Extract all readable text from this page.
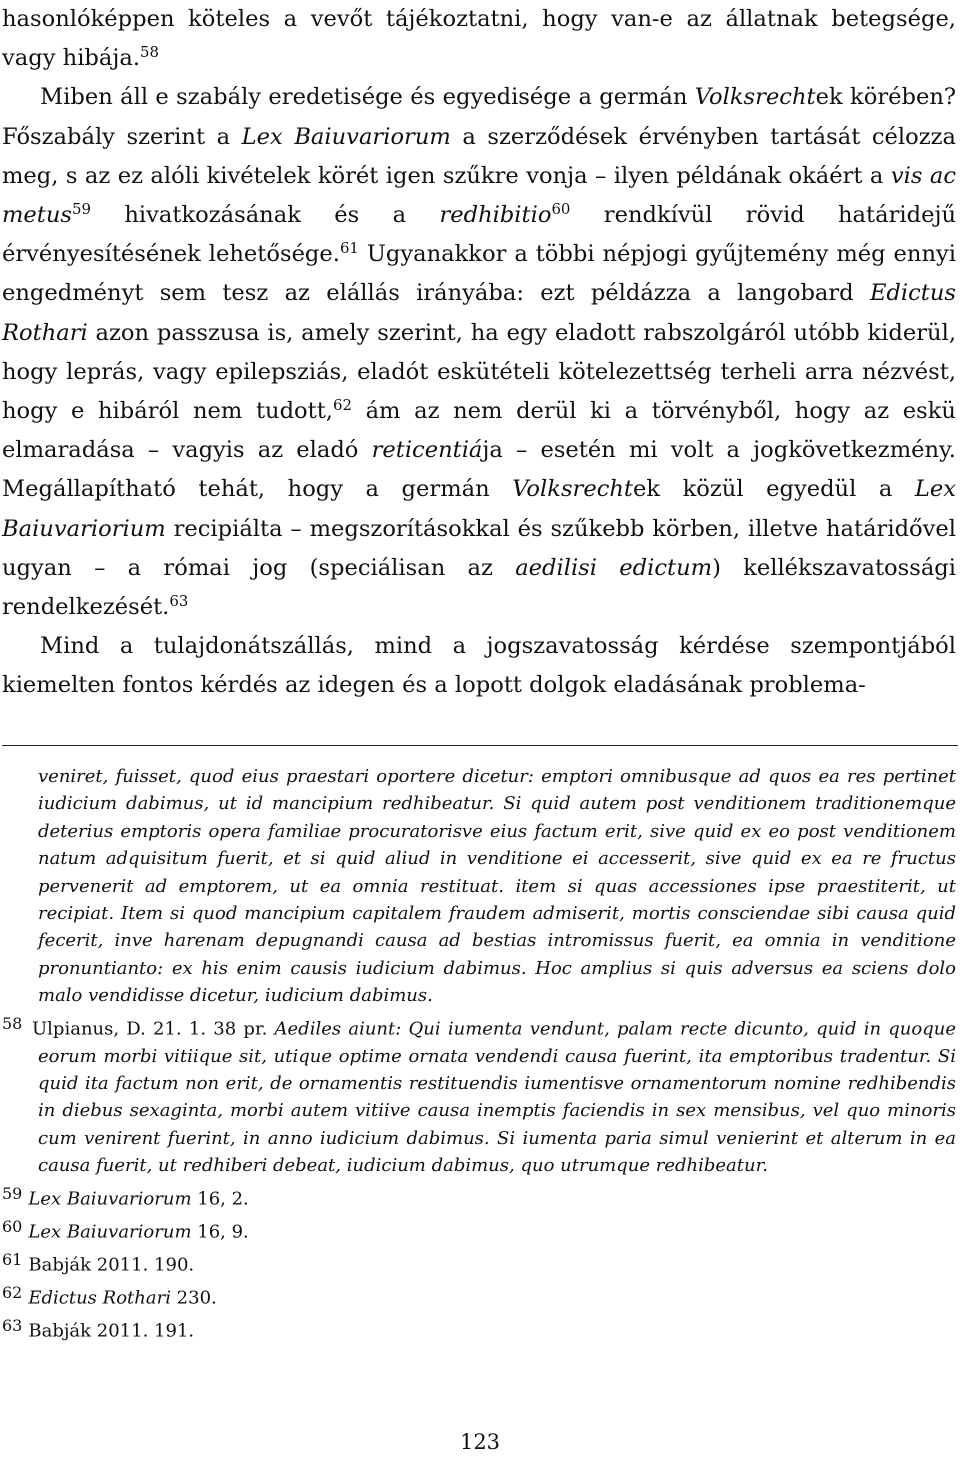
hasonlóképpen köteles a vevőt tájékoztatni, hogy van-e az állatnak betegsége, vagy hibája.$^{58}$

Miben áll e szabály eredetisége és egyedisége a germán Volksrechtek körében? Főszabály szerint a Lex Baiuvariorum a szerződések érvényben tartását célozza meg, s az ez alóli kivételek körét igen szűkre vonja – ilyen példának okáért a vis ac metus$^{59}$ hivatkozásának és a redhibitio$^{60}$ rendkívül rövid határidejű érvényesítésének lehetősége.$^{61}$ Ugyanakkor a többi népjogi gyűjtemény még ennyi engedményt sem tesz az elállás irányába: ezt példázza a langobard Edictus Rothari azon passzusa is, amely szerint, ha egy eladott rabszolgáról utóbb kiderül, hogy leprás, vagy epilepsziás, eladót eskütételi kötelezettség terheli arra nézvést, hogy e hibáról nem tudott,$^{62}$ ám az nem derül ki a törvényből, hogy az eskü elmaradása – vagyis az eladó reticentiája – esetén mi volt a jogkövetkezmény. Megállapítható tehát, hogy a germán Volksrechtek közül egyedül a Lex Baiuvariorium recipiálta – megszorításokkal és szűkebb körben, illetve határidővel ugyan – a római jog (speciálisan az aedilisi edictum) kellékszavatossági rendelkezését.$^{63}$

Mind a tulajdonátszállás, mind a jogszavatosság kérdése szempontjából kiemelten fontos kérdés az idegen és a lopott dolgok eladásának problema-

veniret, fuisset, quod eius praestari oportere dicetur: emptori omnibusque ad quos ea res pertinet iudicium dabimus, ut id mancipium redhibeatur. Si quid autem post venditionem traditionemque deterius emptoris opera familiae procuratorisve eius factum erit, sive quid ex eo post venditionem natum adquisitum fuerit, et si quid aliud in venditione ei accesserit, sive quid ex ea re fructus pervenerit ad emptorem, ut ea omnia restituat. item si quas accessiones ipse praestiterit, ut recipiat. Item si quod mancipium capitalem fraudem admiserit, mortis consciendae sibi causa quid fecerit, inve harenam depugnandi causa ad bestias intromissus fuerit, ea omnia in venditione pronuntianto: ex his enim causis iudicium dabimus. Hoc amplius si quis adversus ea sciens dolo malo vendidisse dicetur, iudicium dabimus.

58 Ulpianus, D. 21. 1. 38 pr. Aediles aiunt: Qui iumenta vendunt, palam recte dicunto, quid in quoque eorum morbi vitiique sit, utique optime ornata vendendi causa fuerint, ita emptoribus tradentur. Si quid ita factum non erit, de ornamentis restituendis iumentisve ornamentorum nomine redhibendis in diebus sexaginta, morbi autem vitiive causa inemptis faciendis in sex mensibus, vel quo minoris cum venirent fuerint, in anno iudicium dabimus. Si iumenta paria simul venierint et alterum in ea causa fuerit, ut redhiberi debeat, iudicium dabimus, quo utrumque redhibeatur.

59 Lex Baiuvariorum 16, 2.

60 Lex Baiuvariorum 16, 9.

61 Babják 2011. 190.

62 Edictus Rothari 230.

63 Babják 2011. 191.

123
